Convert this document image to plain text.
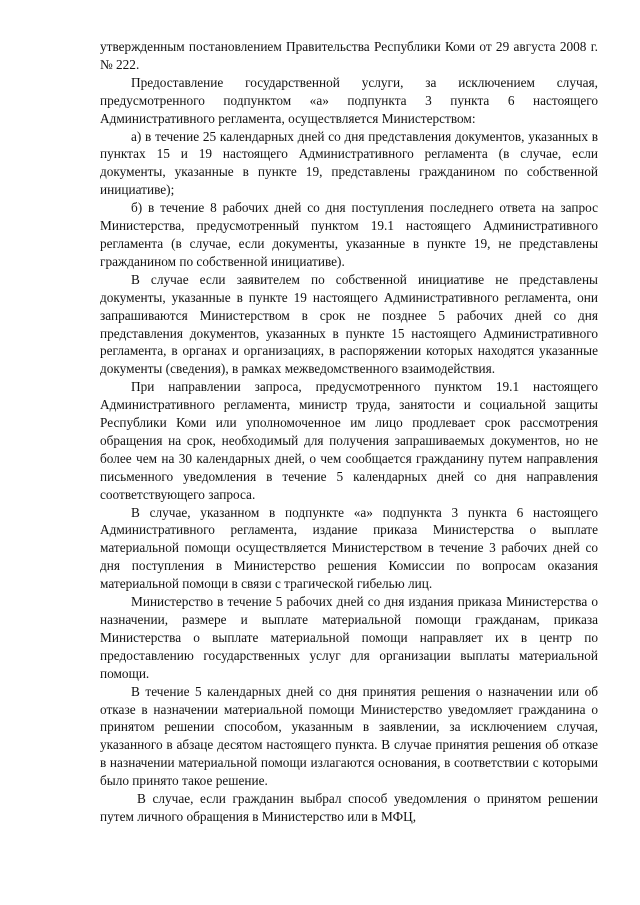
утвержденным постановлением Правительства Республики Коми от 29 августа 2008 г. № 222.

Предоставление государственной услуги, за исключением случая, предусмотренного подпунктом «а» подпункта 3 пункта 6 настоящего Административного регламента, осуществляется Министерством:

а) в течение 25 календарных дней со дня представления документов, указанных в пунктах 15 и 19 настоящего Административного регламента (в случае, если документы, указанные в пункте 19, представлены гражданином по собственной инициативе);

б) в течение 8 рабочих дней со дня поступления последнего ответа на запрос Министерства, предусмотренный пунктом 19.1 настоящего Административного регламента (в случае, если документы, указанные в пункте 19, не представлены гражданином по собственной инициативе).

В случае если заявителем по собственной инициативе не представлены документы, указанные в пункте 19 настоящего Административного регламента, они запрашиваются Министерством в срок не позднее 5 рабочих дней со дня представления документов, указанных в пункте 15 настоящего Административного регламента, в органах и организациях, в распоряжении которых находятся указанные документы (сведения), в рамках межведомственного взаимодействия.

При направлении запроса, предусмотренного пунктом 19.1 настоящего Административного регламента, министр труда, занятости и социальной защиты Республики Коми или уполномоченное им лицо продлевает срок рассмотрения обращения на срок, необходимый для получения запрашиваемых документов, но не более чем на 30 календарных дней, о чем сообщается гражданину путем направления письменного уведомления в течение 5 календарных дней со дня направления соответствующего запроса.

В случае, указанном в подпункте «а» подпункта 3 пункта 6 настоящего Административного регламента, издание приказа Министерства о выплате материальной помощи осуществляется Министерством в течение 3 рабочих дней со дня поступления в Министерство решения Комиссии по вопросам оказания материальной помощи в связи с трагической гибелью лиц.

Министерство в течение 5 рабочих дней со дня издания приказа Министерства о назначении, размере и выплате материальной помощи гражданам, приказа Министерства о выплате материальной помощи направляет их в центр по предоставлению государственных услуг для организации выплаты материальной помощи.

В течение 5 календарных дней со дня принятия решения о назначении или об отказе в назначении материальной помощи Министерство уведомляет гражданина о принятом решении способом, указанным в заявлении, за исключением случая, указанного в абзаце десятом настоящего пункта. В случае принятия решения об отказе в назначении материальной помощи излагаются основания, в соответствии с которыми было принято такое решение.

В случае, если гражданин выбрал способ уведомления о принятом решении путем личного обращения в Министерство или в МФЦ,
